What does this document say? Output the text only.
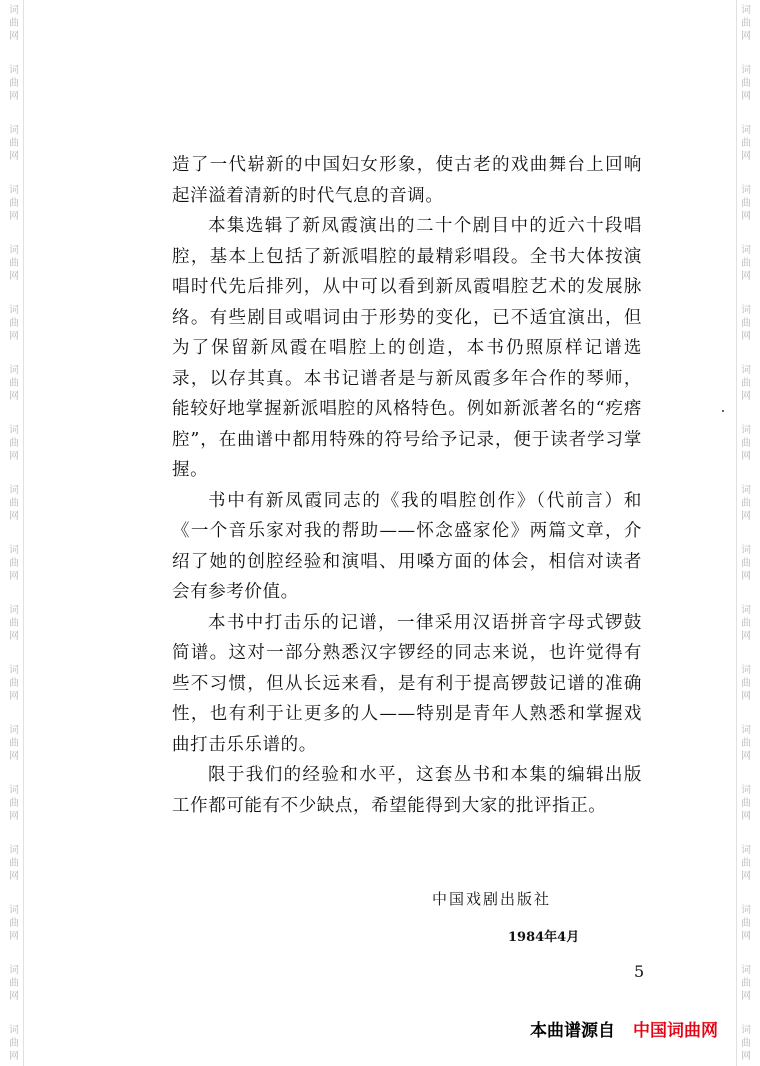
词
曲
网
词
曲
网
词
曲
网
词
曲
网
词
曲
网
词
曲
网
词
曲
网
词
曲
网
词
曲
网
词
曲
网
词
曲
网
词
曲
网
词
曲
网
词
曲
网
词
曲
网
词
曲
网
词
曲
网
词
曲
网
词
曲
网
词
曲
网
词
曲
网
词
曲
网
词
曲
网
词
曲
网
词
曲
网
词
曲
网
词
曲
网
词
曲
网
词
曲
网
词
曲
网
词
曲
网
词
曲
网
词
曲
网
词
曲
网
词
曲
网
词
曲
网

造了一代崭新的中国妇女形象，使古老的戏曲舞台上回响起洋溢着清新的时代气息的音调。

本集选辑了新凤霞演出的二十个剧目中的近六十段唱腔，基本上包括了新派唱腔的最精彩唱段。全书大体按演唱时代先后排列，从中可以看到新凤霞唱腔艺术的发展脉络。有些剧目或唱词由于形势的变化，已不适宜演出，但为了保留新凤霞在唱腔上的创造，本书仍照原样记谱选录，以存其真。本书记谱者是与新凤霞多年合作的琴师，能较好地掌握新派唱腔的风格特色。例如新派著名的“疙瘩腔”，在曲谱中都用特殊的符号给予记录，便于读者学习掌握。

书中有新凤霞同志的《我的唱腔创作》（代前言）和《一个音乐家对我的帮助——怀念盛家伦》两篇文章，介绍了她的创腔经验和演唱、用嗓方面的体会，相信对读者会有参考价值。

本书中打击乐的记谱，一律采用汉语拼音字母式锣鼓简谱。这对一部分熟悉汉字锣经的同志来说，也许觉得有些不习惯，但从长远来看，是有利于提高锣鼓记谱的准确性，也有利于让更多的人——特别是青年人熟悉和掌握戏曲打击乐乐谱的。

限于我们的经验和水平，这套丛书和本集的编辑出版工作都可能有不少缺点，希望能得到大家的批评指正。

中国戏剧出版社
1984年4月
5
本曲谱源自 中国词曲网
